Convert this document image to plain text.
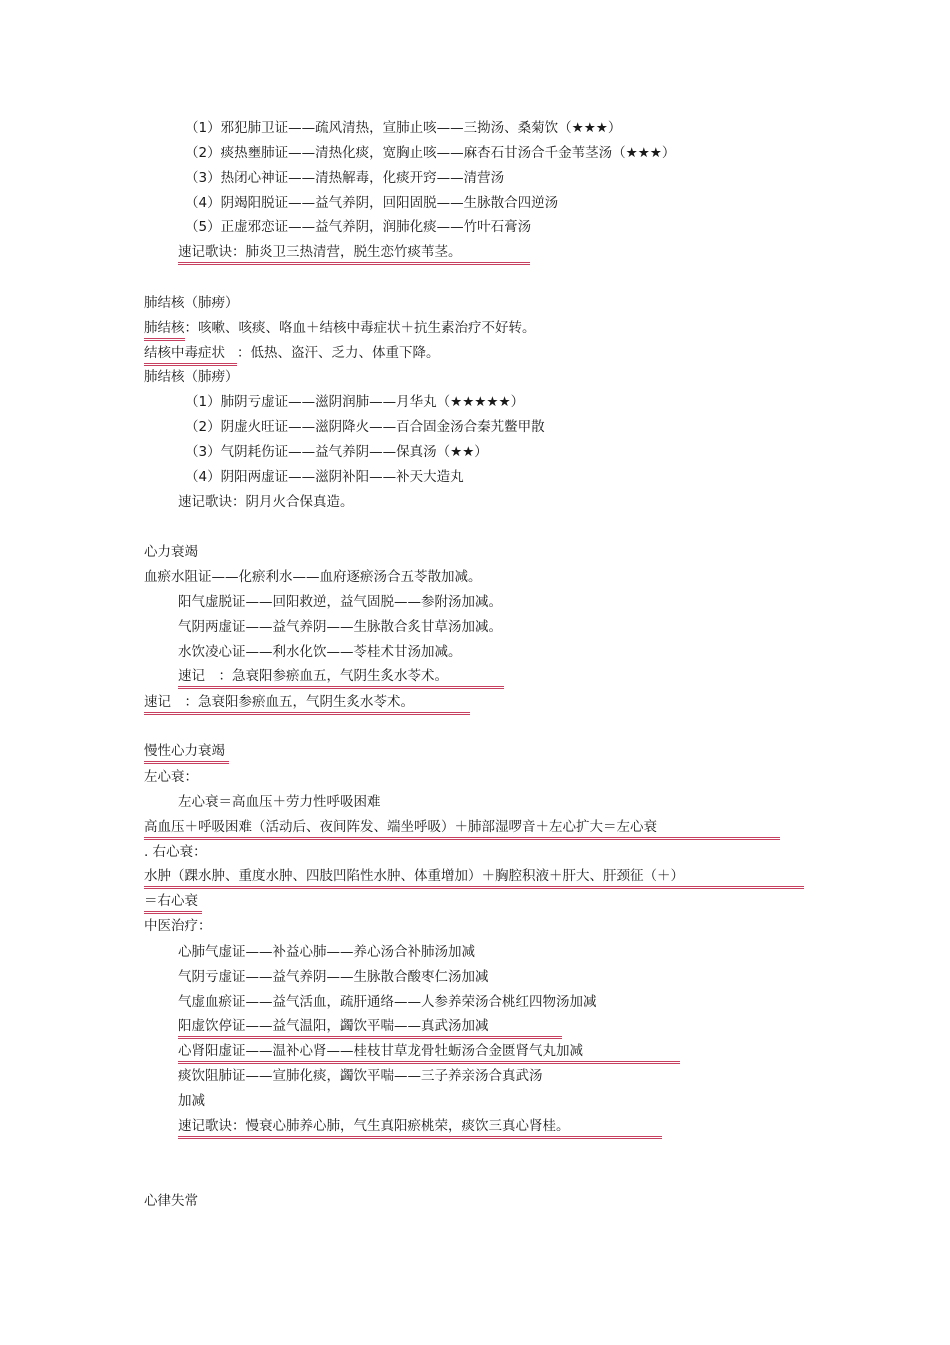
（1）邪犯肺卫证——疏风清热，宣肺止咳——三拗汤、桑菊饮（★★★）
（2）痰热壅肺证——清热化痰，宽胸止咳——麻杏石甘汤合千金苇茎汤（★★★）
（3）热闭心神证——清热解毒，化痰开窍——清营汤
（4）阴竭阳脱证——益气养阴，回阳固脱——生脉散合四逆汤
（5）正虚邪恋证——益气养阴，润肺化痰——竹叶石膏汤
速记歌诀：肺炎卫三热清营，脱生恋竹痰苇茎。
肺结核（肺痨）
肺结核：咳嗽、咳痰、咯血＋结核中毒症状＋抗生素治疗不好转。
结核中毒症状 ：低热、盗汗、乏力、体重下降。
肺结核（肺痨）
（1）肺阴亏虚证——滋阴润肺——月华丸（★★★★★）
（2）阴虚火旺证——滋阴降火——百合固金汤合秦艽鳖甲散
（3）气阴耗伤证——益气养阴——保真汤（★★）
（4）阴阳两虚证——滋阴补阳——补天大造丸
速记歌诀：阴月火合保真造。
心力衰竭
血瘀水阻证——化瘀利水——血府逐瘀汤合五苓散加减。
阳气虚脱证——回阳救逆，益气固脱——参附汤加减。
气阴两虚证——益气养阴——生脉散合炙甘草汤加减。
水饮凌心证——利水化饮——苓桂术甘汤加减。
速记　：急衰阳参瘀血五，气阴生炙水苓术。
速记　：急衰阳参瘀血五，气阴生炙水苓术。
慢性心力衰竭
左心衰：
左心衰＝高血压＋劳力性呼吸困难
高血压＋呼吸困难（活动后、夜间阵发、端坐呼吸）＋肺部湿啰音＋左心扩大＝左心衰
. 右心衰：
水肿（踝水肿、重度水肿、四肢凹陷性水肿、体重增加）＋胸腔积液＋肝大、肝颈征（＋）
＝右心衰
中医治疗：
心肺气虚证——补益心肺——养心汤合补肺汤加减
气阴亏虚证——益气养阴——生脉散合酸枣仁汤加减
气虚血瘀证——益气活血，疏肝通络——人参养荣汤合桃红四物汤加减
阳虚饮停证——益气温阳，蠲饮平喘——真武汤加减
心肾阳虚证——温补心肾——桂枝甘草龙骨牡蛎汤合金匮肾气丸加减
痰饮阻肺证——宣肺化痰，蠲饮平喘——三子养亲汤合真武汤
加减
速记歌诀：慢衰心肺养心肺，气生真阳瘀桃荣，痰饮三真心肾桂。
心律失常
